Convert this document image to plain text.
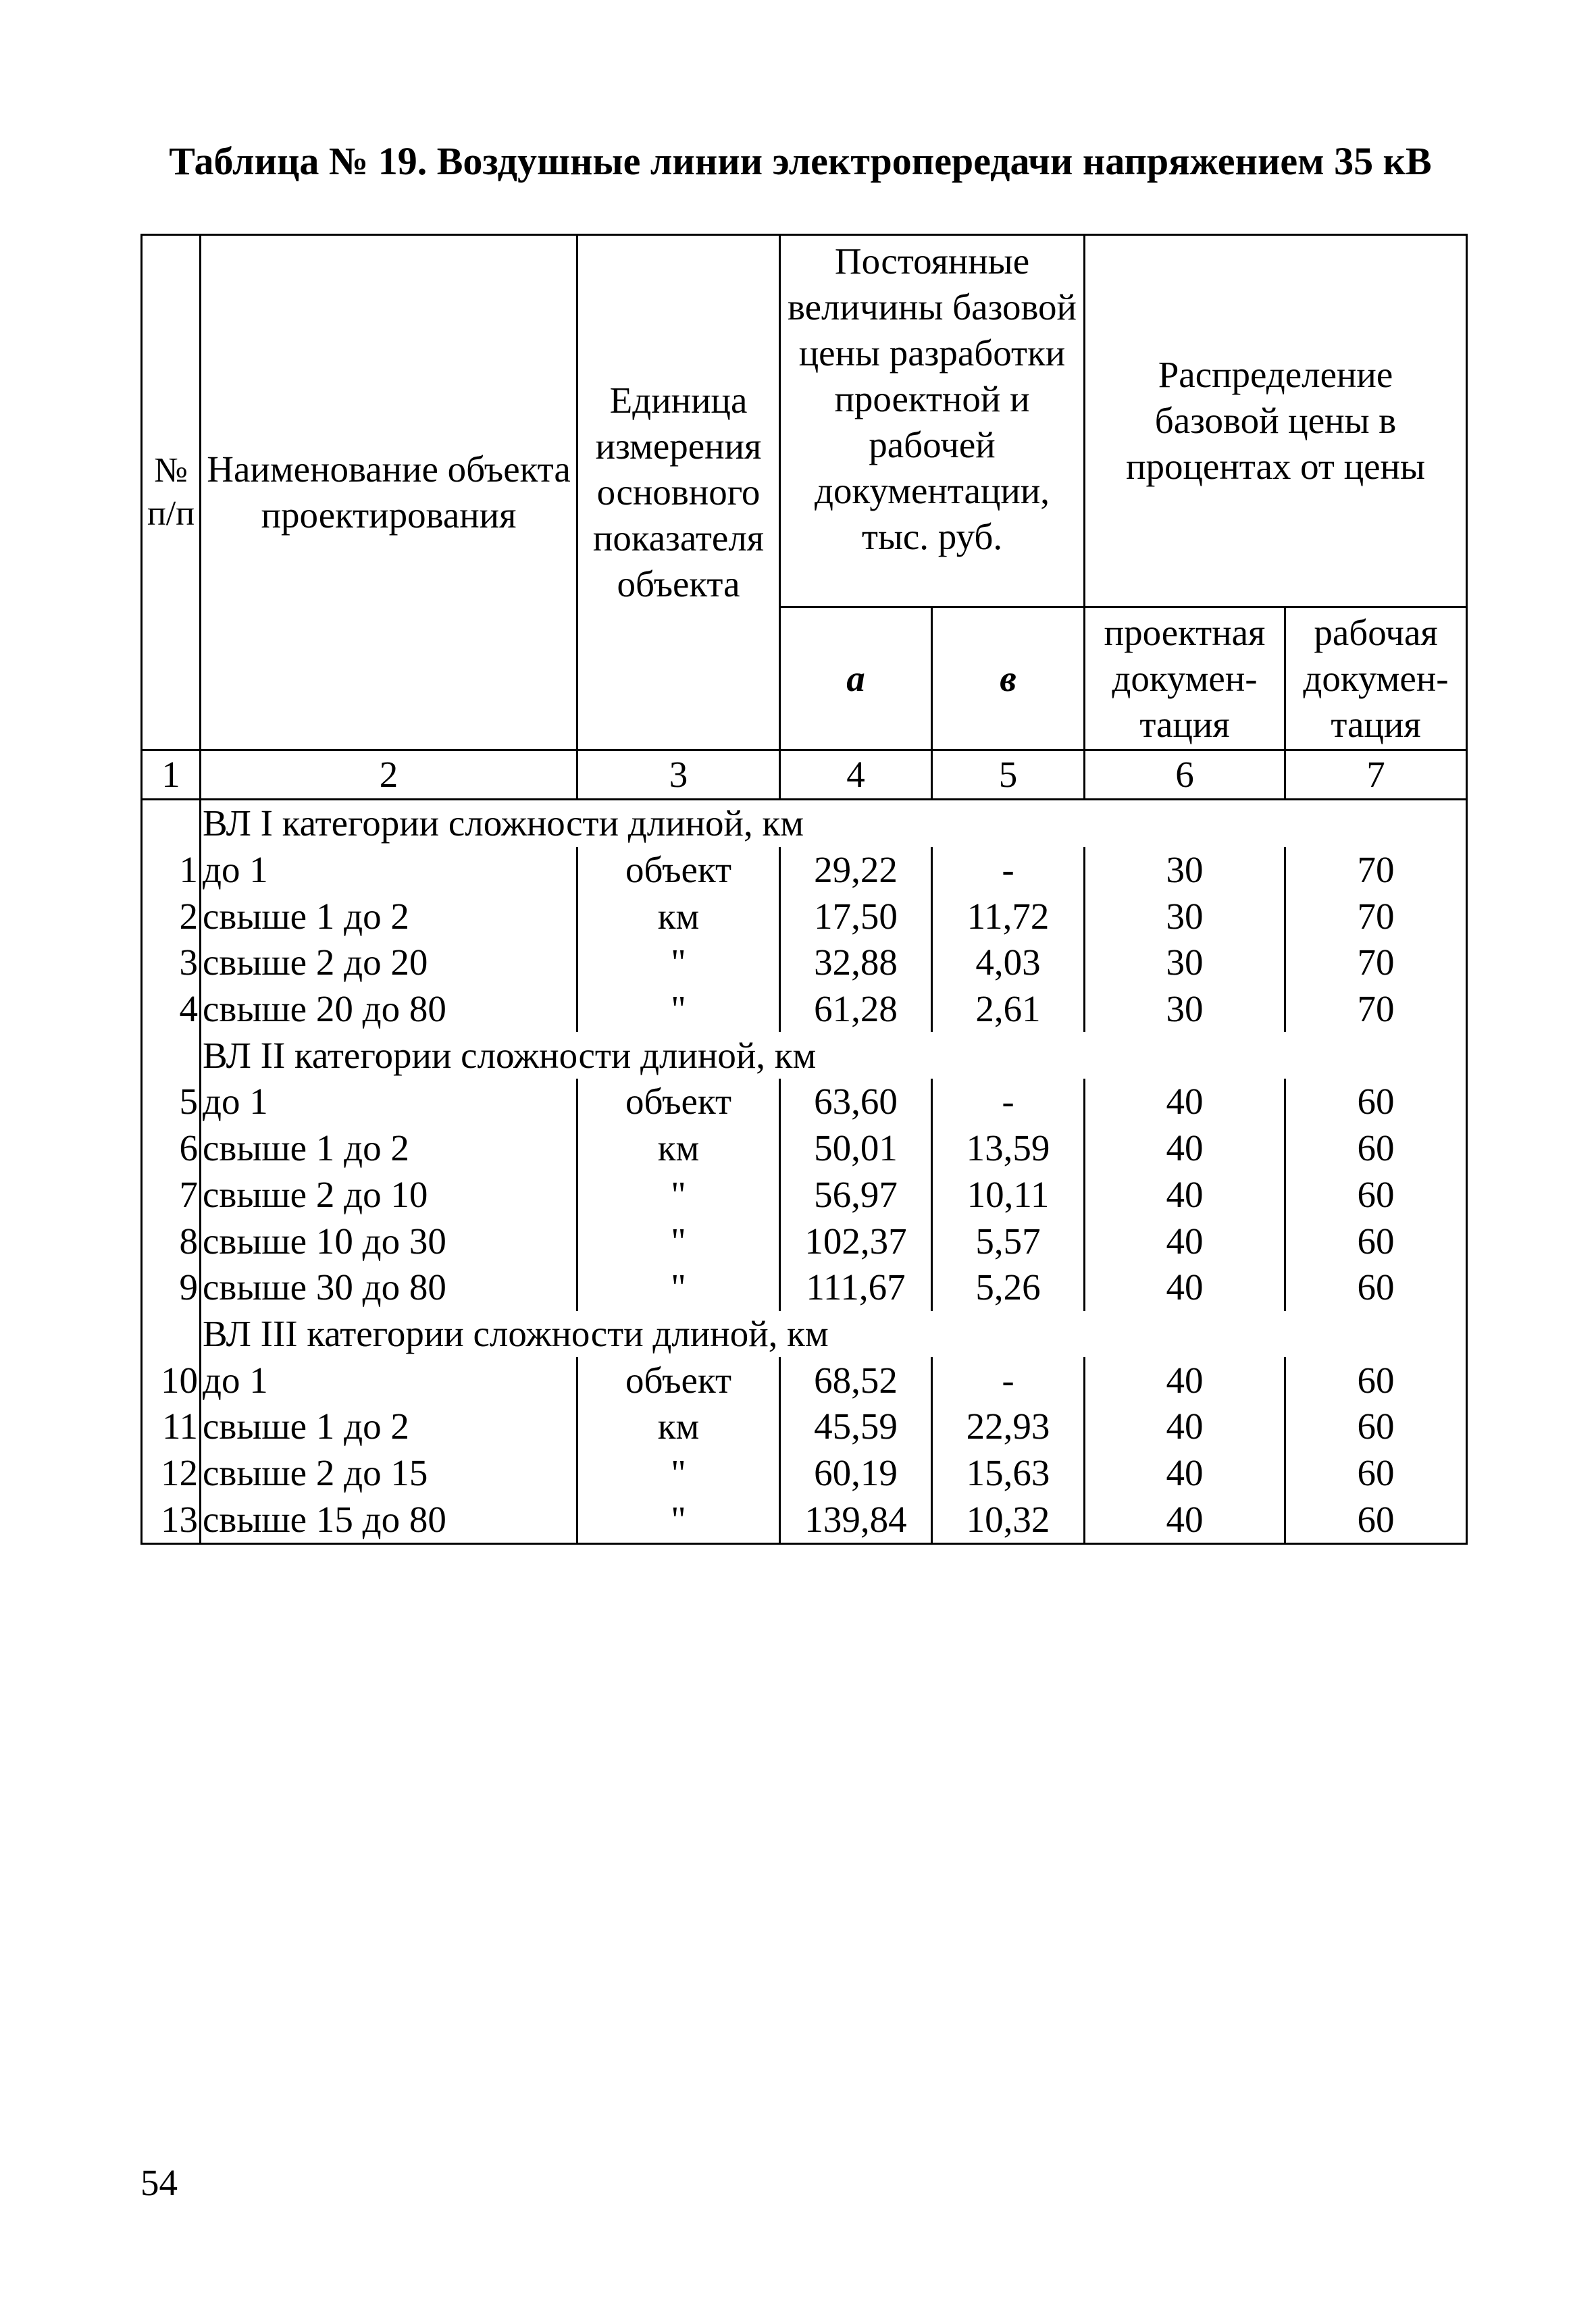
Таблица № 19. Воздушные линии электропередачи напряжением 35 кВ
№ п/п	Наименование объекта проектирования	Единица измерения основного показателя объекта	Постоянные величины базовой цены разработки проектной и рабочей документации, тыс. руб.		Распределение базовой цены в процентах от цены	
			а	в	проектная докумен-тация	рабочая докумен-тация
1	2	3	4	5	6	7
	ВЛ I категории сложности длиной, км					
1	до 1	объект	29,22	-	30	70
2	свыше 1 до 2	км	17,50	11,72	30	70
3	свыше 2 до 20	"	32,88	4,03	30	70
4	свыше 20 до 80	"	61,28	2,61	30	70
	ВЛ II категории сложности длиной, км					
5	до 1	объект	63,60	-	40	60
6	свыше 1 до 2	км	50,01	13,59	40	60
7	свыше 2 до 10	"	56,97	10,11	40	60
8	свыше 10 до 30	"	102,37	5,57	40	60
9	свыше 30 до 80	"	111,67	5,26	40	60
	ВЛ III категории сложности длиной, км					
10	до 1	объект	68,52	-	40	60
11	свыше 1 до 2	км	45,59	22,93	40	60
12	свыше 2 до 15	"	60,19	15,63	40	60
13	свыше 15 до 80	"	139,84	10,32	40	60
54
